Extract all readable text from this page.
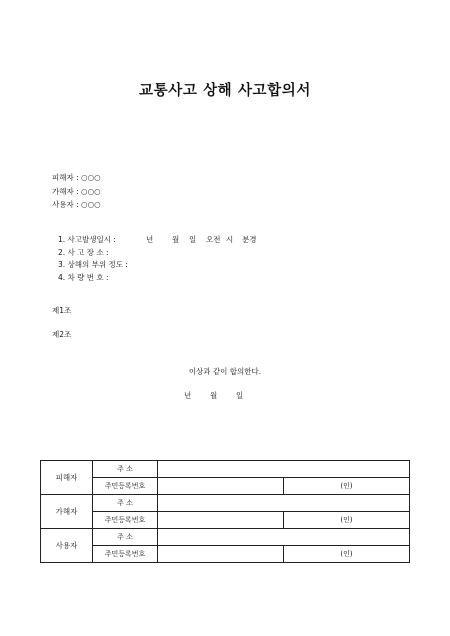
교통사고 상해 사고합의서
피해자 : ○○○
가해자 : ○○○
사용자 : ○○○
1. 사고발생일시 :	년	월	일	오전 시	분경
2. 사 고 장 소 :
3. 상해의 부위 정도 :
4. 차 량 번 호 :
제1조
제2조
이상과 같이 합의한다.
년	월	일
피해자	주 소		
	주민등록번호		(인)
가해자	주 소		
	주민등록번호		(인)
사용자	주 소		
	주민등록번호		(인)
